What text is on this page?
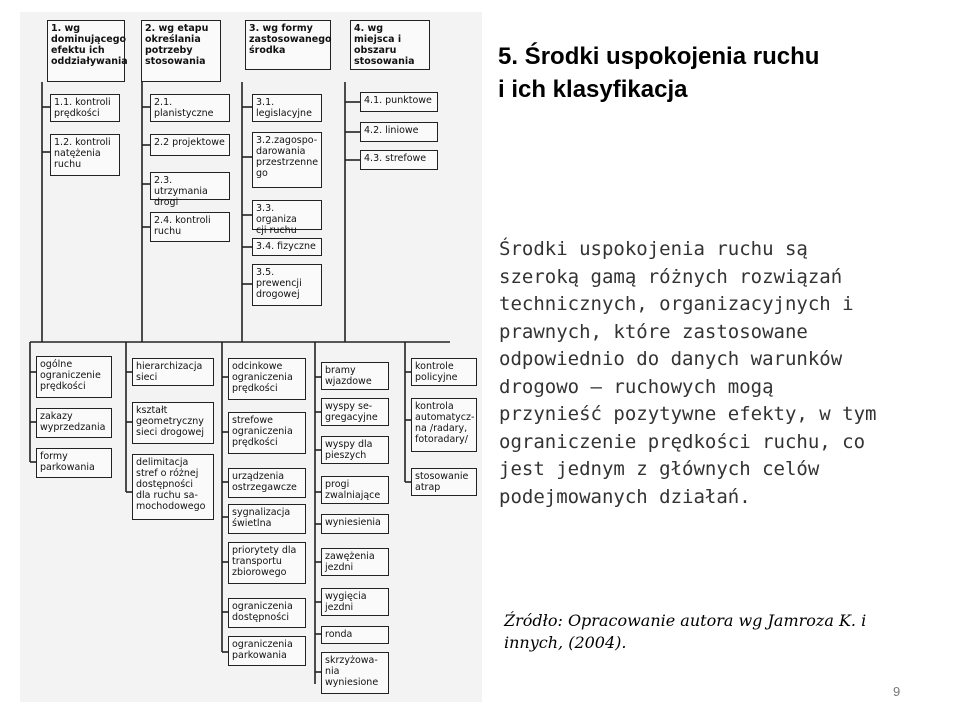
1. wg
dominującego
efektu ich
oddziaływania
2. wg etapu
określania
potrzeby
stosowania
3. wg formy
zastosowanego
środka
4. wg miejsca i
obszaru
stosowania
1.1. kontroli
prędkości
1.2. kontroli
natężenia
ruchu
2.1.
planistyczne
2.2 projektowe
2.3. utrzymania
drogi
2.4. kontroli
ruchu
3.1.
legislacyjne
3.2.zagospo-
darowania
przestrzenne
go
3.3. organiza
cji ruchu
3.4. fizyczne
3.5.
prewencji
drogowej
4.1. punktowe
4.2. liniowe
4.3. strefowe
ogólne
ograniczenie
prędkości
zakazy
wyprzedzania
formy
parkowania
hierarchizacja
sieci
kształt
geometryczny
sieci drogowej
delimitacja
stref o różnej
dostępności
dla ruchu sa-
mochodowego
odcinkowe
ograniczenia
prędkości
strefowe
ograniczenia
prędkości
urządzenia
ostrzegawcze
sygnalizacja
świetlna
priorytety dla
transportu
zbiorowego
ograniczenia
dostępności
ograniczenia
parkowania
bramy
wjazdowe
wyspy se-
gregacyjne
wyspy dla
pieszych
progi
zwalniające
wyniesienia
zawężenia
jezdni
wygięcia
jezdni
ronda
skrzyżowa-
nia
wyniesione
kontrole
policyjne
kontrola
automatycz-
na /radary,
fotoradary/
stosowanie
atrap
5. Środki uspokojenia ruchu
i ich klasyfikacja
Środki uspokojenia ruchu są
szeroką gamą różnych rozwiązań
technicznych, organizacyjnych i
prawnych, które zastosowane
odpowiednio do danych warunków
drogowo – ruchowych mogą
przynieść pozytywne efekty, w tym
ograniczenie prędkości ruchu, co
jest jednym z głównych celów
podejmowanych działań.
Źródło: Opracowanie autora wg Jamroza K. i
innych, (2004).
9
